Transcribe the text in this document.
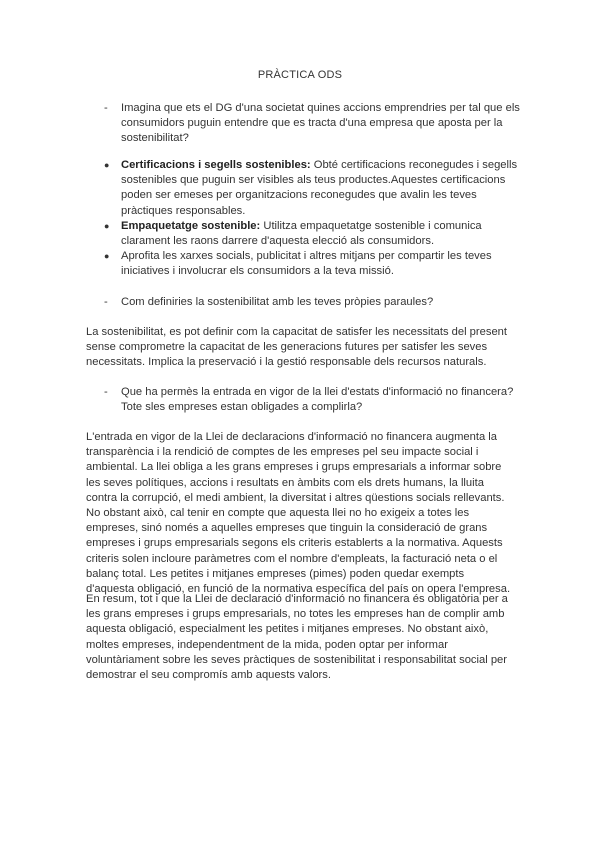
PRÀCTICA ODS
-	Imagina que ets el DG d'una societat quines accions emprendries per tal que els consumidors puguin entendre que es tracta d'una empresa que aposta per la sostenibilitat?
● Certificacions i segells sostenibles: Obté certificacions reconegudes i segells sostenibles que puguin ser visibles als teus productes.Aquestes certificacions poden ser emeses per organitzacions reconegudes que avalin les teves pràctiques responsables.
● Empaquetatge sostenible: Utilitza empaquetatge sostenible i comunica clarament les raons darrere d'aquesta elecció als consumidors.
● Aprofita les xarxes socials, publicitat i altres mitjans per compartir les teves iniciatives i involucrar els consumidors a la teva missió.
-	Com definiries la sostenibilitat amb les teves pròpies paraules?
La sostenibilitat, es pot definir com la capacitat de satisfer les necessitats del present sense comprometre la capacitat de les generacions futures per satisfer les seves necessitats. Implica la preservació i la gestió responsable dels recursos naturals.
-	Que ha permès la entrada en vigor de la llei d'estats d'informació no financera? Tote sles empreses estan obligades a complirla?
L'entrada en vigor de la Llei de declaracions d'informació no financera augmenta la transparència i la rendició de comptes de les empreses pel seu impacte social i ambiental. La llei obliga a les grans empreses i grups empresarials a informar sobre les seves polítiques, accions i resultats en àmbits com els drets humans, la lluita contra la corrupció, el medi ambient, la diversitat i altres qüestions socials rellevants. No obstant això, cal tenir en compte que aquesta llei no ho exigeix a totes les empreses, sinó només a aquelles empreses que tinguin la consideració de grans empreses i grups empresarials segons els criteris establerts a la normativa. Aquests criteris solen incloure paràmetres com el nombre d'empleats, la facturació neta o el balanç total. Les petites i mitjanes empreses (pimes) poden quedar exempts d'aquesta obligació, en funció de la normativa específica del país on opera l'empresa.
En resum, tot i que la Llei de declaració d'informació no financera és obligatòria per a les grans empreses i grups empresarials, no totes les empreses han de complir amb aquesta obligació, especialment les petites i mitjanes empreses. No obstant això, moltes empreses, independentment de la mida, poden optar per informar voluntàriament sobre les seves pràctiques de sostenibilitat i responsabilitat social per demostrar el seu compromís amb aquests valors.
